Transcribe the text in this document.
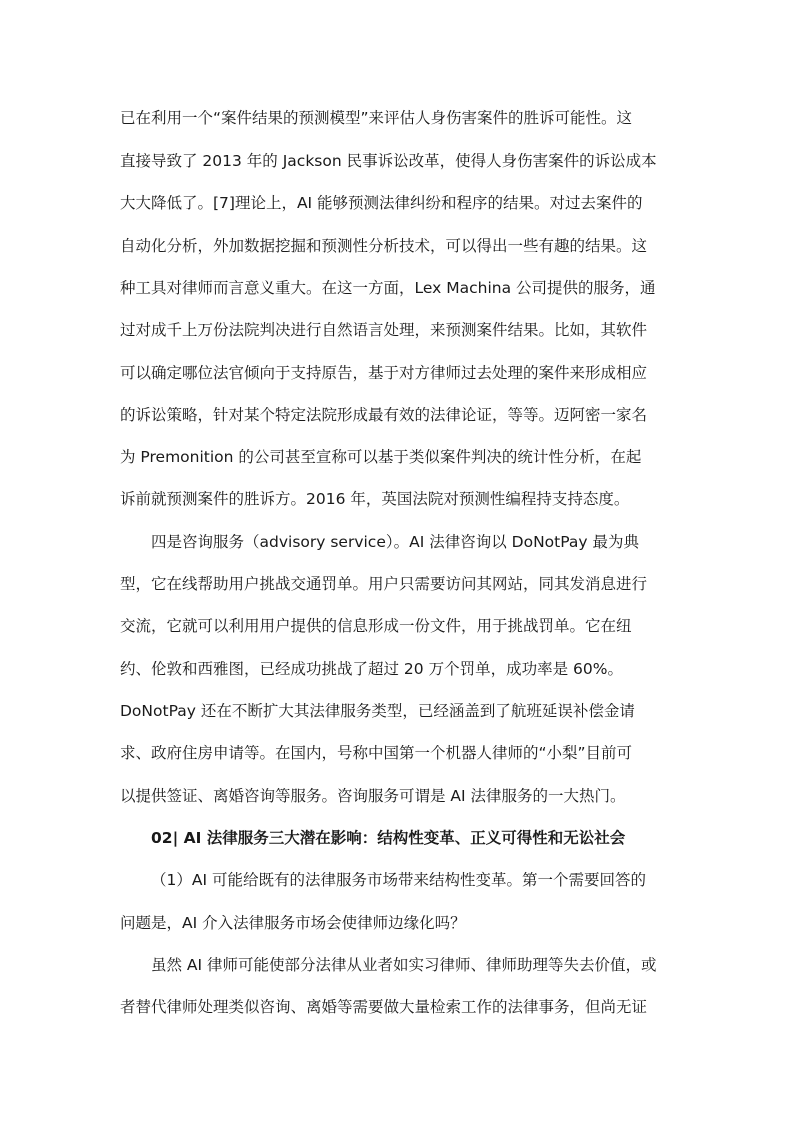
已在利用一个“案件结果的预测模型”来评估人身伤害案件的胜诉可能性。这
直接导致了 2013 年的 Jackson 民事诉讼改革，使得人身伤害案件的诉讼成本
大大降低了。[7]理论上，AI 能够预测法律纠纷和程序的结果。对过去案件的
自动化分析，外加数据挖掘和预测性分析技术，可以得出一些有趣的结果。这
种工具对律师而言意义重大。在这一方面，Lex Machina 公司提供的服务，通
过对成千上万份法院判决进行自然语言处理，来预测案件结果。比如，其软件
可以确定哪位法官倾向于支持原告，基于对方律师过去处理的案件来形成相应
的诉讼策略，针对某个特定法院形成最有效的法律论证，等等。迈阿密一家名
为 Premonition 的公司甚至宣称可以基于类似案件判决的统计性分析，在起
诉前就预测案件的胜诉方。2016 年，英国法院对预测性编程持支持态度。
四是咨询服务（advisory service）。AI 法律咨询以 DoNotPay 最为典
型，它在线帮助用户挑战交通罚单。用户只需要访问其网站，同其发消息进行
交流，它就可以利用用户提供的信息形成一份文件，用于挑战罚单。它在纽
约、伦敦和西雅图，已经成功挑战了超过 20 万个罚单，成功率是 60%。
DoNotPay 还在不断扩大其法律服务类型，已经涵盖到了航班延误补偿金请
求、政府住房申请等。在国内，号称中国第一个机器人律师的“小梨”目前可
以提供签证、离婚咨询等服务。咨询服务可谓是 AI 法律服务的一大热门。
02| AI 法律服务三大潜在影响：结构性变革、正义可得性和无讼社会
（1）AI 可能给既有的法律服务市场带来结构性变革。第一个需要回答的
问题是，AI 介入法律服务市场会使律师边缘化吗？
虽然 AI 律师可能使部分法律从业者如实习律师、律师助理等失去价值，或
者替代律师处理类似咨询、离婚等需要做大量检索工作的法律事务，但尚无证
